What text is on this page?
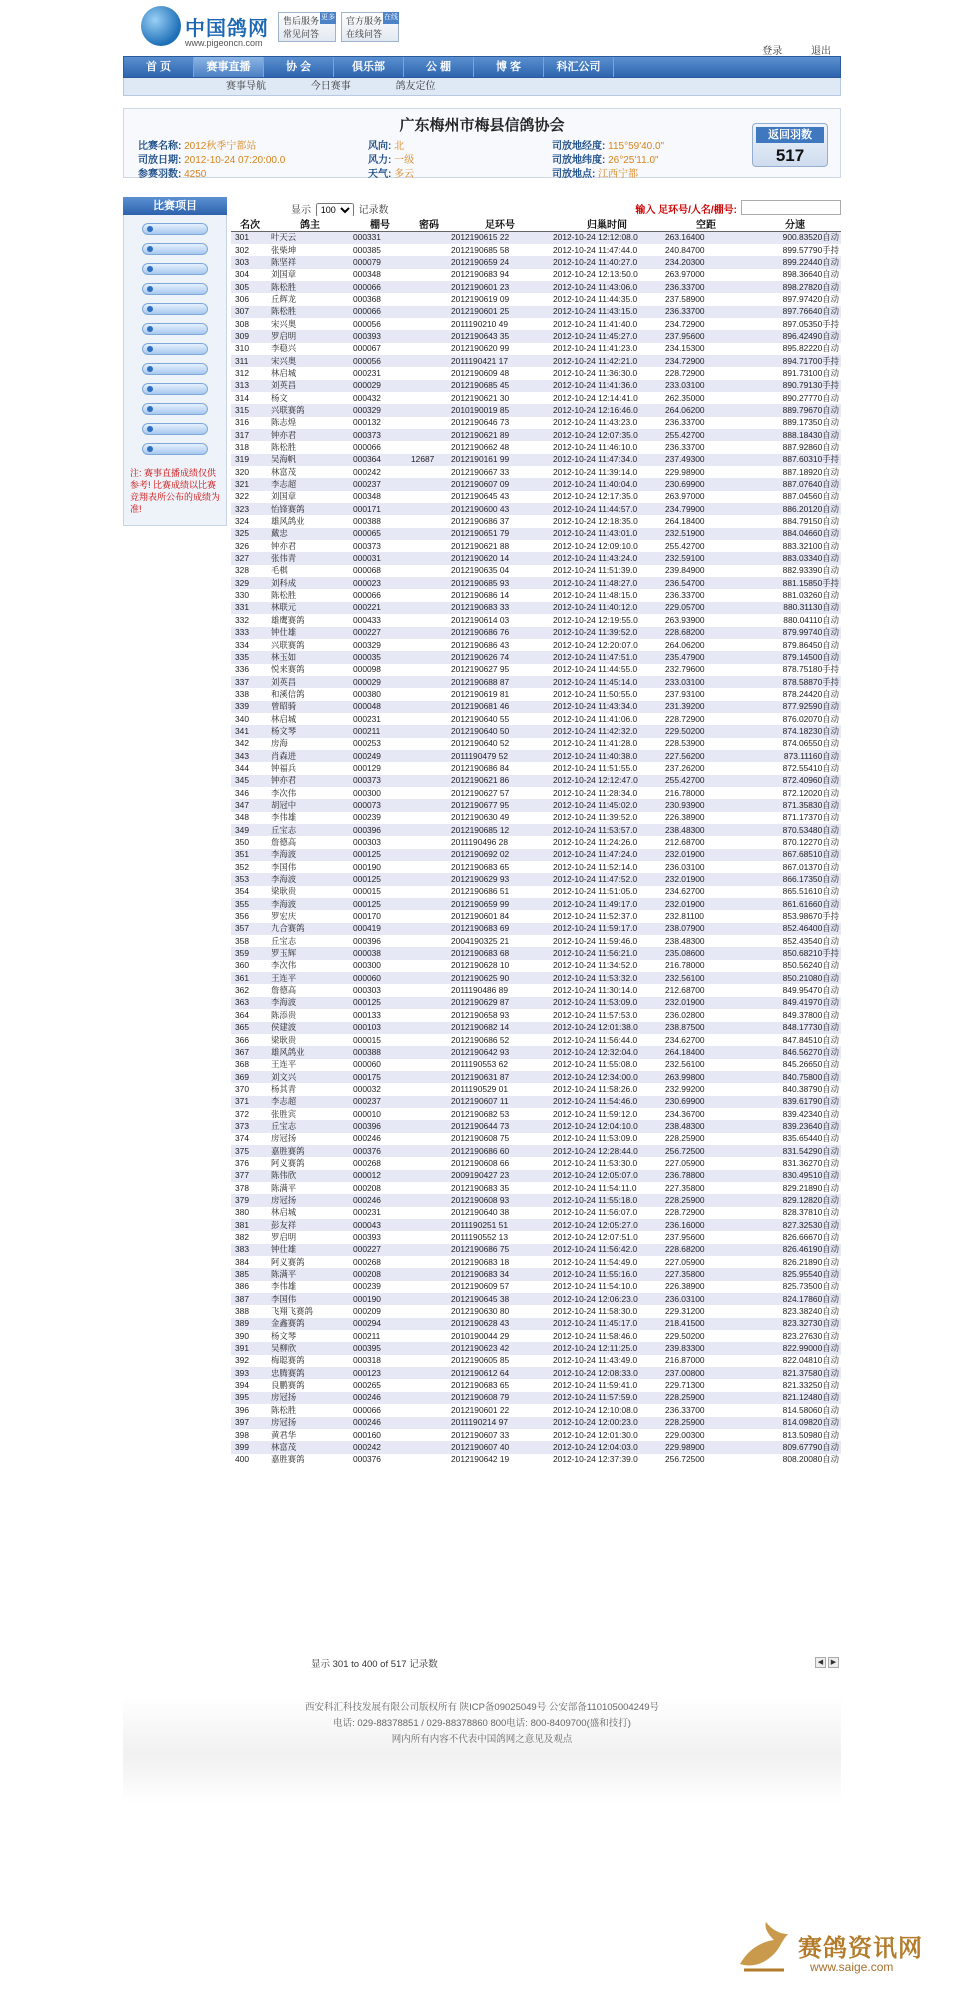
中国鸽网
www.pigeoncn.com
售后服务
常见问答
更多 官方服务
在线问答
在线
登录	退出
首 页	赛事直播	协 会	俱乐部	公 棚	博 客	科汇公司
赛事导航	今日赛事	鸽友定位
广东梅州市梅县信鸽协会
比赛名称: 2012秋季宁都站
司放日期: 2012-10-24 07:20:00.0
参赛羽数: 4250
风向: 北
风力: 一级
天气: 多云
司放地经度: 115°59'40.0"
司放地纬度: 26°25'11.0"
司放地点: 江西宁都
返回羽数
517
比赛项目
注: 赛事直播成绩仅供参考! 比赛成绩以比赛竞翔表所公布的成绩为准!
显示
100	记录数	输入 足环号/人名/棚号:
名次	鸽主	棚号	密码	足环号	归巢时间	空距	分速
301	叶天云	000331		2012190615 22	2012-10-24 12:12:08.0	263.16400	900.83520自动
302	张柴坤	000385		2012190685 58	2012-10-24 11:47:44.0	240.84700	899.57790手持
303	陈坚祥	000079		2012190659 24	2012-10-24 11:40:27.0	234.20300	899.22440自动
304	刘国章	000348		2012190683 94	2012-10-24 12:13:50.0	263.97000	898.36640自动
305	陈松胜	000066		2012190601 23	2012-10-24 11:43:06.0	236.33700	898.27820自动
306	丘辉龙	000368		2012190619 09	2012-10-24 11:44:35.0	237.58900	897.97420自动
307	陈松胜	000066		2012190601 25	2012-10-24 11:43:15.0	236.33700	897.76640自动
308	宋兴奥	000056		2011190210 49	2012-10-24 11:41:40.0	234.72900	897.05350手持
309	罗启明	000393		2012190643 35	2012-10-24 11:45:27.0	237.95600	896.42490自动
310	李稳兴	000067		2012190620 99	2012-10-24 11:41:23.0	234.15300	895.82220自动
311	宋兴奥	000056		2011190421 17	2012-10-24 11:42:21.0	234.72900	894.71700手持
312	林启城	000231		2012190609 48	2012-10-24 11:36:30.0	228.72900	891.73100自动
313	刘英昌	000029		2012190685 45	2012-10-24 11:41:36.0	233.03100	890.79130手持
314	杨文	000432		2012190621 30	2012-10-24 12:14:41.0	262.35000	890.27770自动
315	兴联赛鸽	000329		2010190019 85	2012-10-24 12:16:46.0	264.06200	889.79670自动
316	陈志煌	000132		2012190646 73	2012-10-24 11:43:23.0	236.33700	889.17350自动
317	钟亦君	000373		2012190621 89	2012-10-24 12:07:35.0	255.42700	888.18430自动
318	陈松胜	000066		2012190662 48	2012-10-24 11:46:10.0	236.33700	887.92860自动
319	吴海帆	000364	12687	2012190161 99	2012-10-24 11:47:34.0	237.49300	887.60310手持
320	林富茂	000242		2012190667 33	2012-10-24 11:39:14.0	229.98900	887.18920自动
321	李志超	000237		2012190607 09	2012-10-24 11:40:04.0	230.69900	887.07640自动
322	刘国章	000348		2012190645 43	2012-10-24 12:17:35.0	263.97000	887.04560自动
323	怡锋赛鸽	000171		2012190600 43	2012-10-24 11:44:57.0	234.79900	886.20120自动
324	雄风鸽业	000388		2012190686 37	2012-10-24 12:18:35.0	264.18400	884.79150自动
325	戴忠	000065		2012190651 79	2012-10-24 11:43:01.0	232.51900	884.04660自动
326	钟亦君	000373		2012190621 88	2012-10-24 12:09:10.0	255.42700	883.32100自动
327	张伟青	000031		2012190620 14	2012-10-24 11:43:24.0	232.59100	883.03340自动
328	毛棋	000068		2012190635 04	2012-10-24 11:51:39.0	239.84900	882.93390自动
329	刘科成	000023		2012190685 93	2012-10-24 11:48:27.0	236.54700	881.15850手持
330	陈松胜	000066		2012190686 14	2012-10-24 11:48:15.0	236.33700	881.03260自动
331	林联元	000221		2012190683 33	2012-10-24 11:40:12.0	229.05700	880.31130自动
332	雄鹰赛鸽	000433		2012190614 03	2012-10-24 12:19:55.0	263.93900	880.04110自动
333	钟仕雄	000227		2012190686 76	2012-10-24 11:39:52.0	228.68200	879.99740自动
334	兴联赛鸽	000329		2012190686 43	2012-10-24 12:20:07.0	264.06200	879.86450自动
335	林玉如	000035		2012190626 74	2012-10-24 11:47:51.0	235.47900	879.14500自动
336	悦来赛鸽	000098		2012190627 95	2012-10-24 11:44:55.0	232.79600	878.75180手持
337	刘英昌	000029		2012190688 87	2012-10-24 11:45:14.0	233.03100	878.58870手持
338	和溪信鸽	000380		2012190619 81	2012-10-24 11:50:55.0	237.93100	878.24420自动
339	曾昭骑	000048		2012190681 46	2012-10-24 11:43:34.0	231.39200	877.92590自动
340	林启城	000231		2012190640 55	2012-10-24 11:41:06.0	228.72900	876.02070自动
341	杨文琴	000211		2012190640 50	2012-10-24 11:42:32.0	229.50200	874.18230自动
342	房海	000253		2012190640 52	2012-10-24 11:41:28.0	228.53900	874.06550自动
343	肖森进	000249		2011190479 52	2012-10-24 11:40:38.0	227.56200	873.11160自动
344	钟福兵	000129		2012190686 84	2012-10-24 11:51:55.0	237.26200	872.55410自动
345	钟亦君	000373		2012190621 86	2012-10-24 12:12:47.0	255.42700	872.40960自动
346	李次伟	000300		2012190627 57	2012-10-24 11:28:34.0	216.78000	872.12020自动
347	胡冠中	000073		2012190677 95	2012-10-24 11:45:02.0	230.93900	871.35830自动
348	李伟雄	000239		2012190630 49	2012-10-24 11:39:52.0	226.38900	871.17370自动
349	丘宝志	000396		2012190685 12	2012-10-24 11:53:57.0	238.48300	870.53480自动
350	詹德高	000303		2011190496 28	2012-10-24 11:24:26.0	212.68700	870.12270自动
351	李海波	000125		2012190692 02	2012-10-24 11:47:24.0	232.01900	867.68510自动
352	李国伟	000190		2012190683 65	2012-10-24 11:52:14.0	236.03100	867.01370自动
353	李海波	000125		2012190629 93	2012-10-24 11:47:52.0	232.01900	866.17350自动
354	梁耿贵	000015		2012190686 51	2012-10-24 11:51:05.0	234.62700	865.51610自动
355	李海波	000125		2012190659 99	2012-10-24 11:49:17.0	232.01900	861.61660自动
356	罗宏庆	000170		2012190601 84	2012-10-24 11:52:37.0	232.81100	853.98670手持
357	九合赛鸽	000419		2012190683 69	2012-10-24 11:59:17.0	238.07900	852.46400自动
358	丘宝志	000396		2004190325 21	2012-10-24 11:59:46.0	238.48300	852.43540自动
359	罗玉辉	000038		2012190683 68	2012-10-24 11:56:21.0	235.08600	850.68210手持
360	李次伟	000300		2012190628 10	2012-10-24 11:34:52.0	216.78000	850.56240自动
361	王连平	000060		2012190625 90	2012-10-24 11:53:32.0	232.56100	850.21080自动
362	詹德高	000303		2011190486 89	2012-10-24 11:30:14.0	212.68700	849.95470自动
363	李海波	000125		2012190629 87	2012-10-24 11:53:09.0	232.01900	849.41970自动
364	陈添贵	000133		2012190658 93	2012-10-24 11:57:53.0	236.02800	849.37800自动
365	侯建波	000103		2012190682 14	2012-10-24 12:01:38.0	238.87500	848.17730自动
366	梁耿贵	000015		2012190686 52	2012-10-24 11:56:44.0	234.62700	847.84510自动
367	雄风鸽业	000388		2012190642 93	2012-10-24 12:32:04.0	264.18400	846.56270自动
368	王连平	000060		2011190553 62	2012-10-24 11:55:08.0	232.56100	845.26650自动
369	刘文兴	000175		2012190631 87	2012-10-24 12:34:00.0	263.99800	840.75800自动
370	杨其青	000032		2011190529 01	2012-10-24 11:58:26.0	232.99200	840.38790自动
371	李志超	000237		2012190607 11	2012-10-24 11:54:46.0	230.69900	839.61790自动
372	张胜宾	000010		2012190682 53	2012-10-24 11:59:12.0	234.36700	839.42340自动
373	丘宝志	000396		2012190644 73	2012-10-24 12:04:10.0	238.48300	839.23640自动
374	房冠扬	000246		2012190608 75	2012-10-24 11:53:09.0	228.25900	835.65440自动
375	嘉胜赛鸽	000376		2012190686 60	2012-10-24 12:28:44.0	256.72500	831.54290自动
376	阿义赛鸽	000268		2012190608 66	2012-10-24 11:53:30.0	227.05900	831.36270自动
377	陈伟欣	000012		2009190427 23	2012-10-24 12:05:07.0	236.78800	830.49510自动
378	陈满平	000208		2012190683 35	2012-10-24 11:54:11.0	227.35800	829.21890自动
379	房冠扬	000246		2012190608 93	2012-10-24 11:55:18.0	228.25900	829.12820自动
380	林启城	000231		2012190640 38	2012-10-24 11:56:07.0	228.72900	828.37810自动
381	彭友祥	000043		2011190251 51	2012-10-24 12:05:27.0	236.16000	827.32530自动
382	罗启明	000393		2011190552 13	2012-10-24 12:07:51.0	237.95600	826.66670自动
383	钟仕雄	000227		2012190686 75	2012-10-24 11:56:42.0	228.68200	826.46190自动
384	阿义赛鸽	000268		2012190683 18	2012-10-24 11:54:49.0	227.05900	826.21890自动
385	陈满平	000208		2012190683 34	2012-10-24 11:55:16.0	227.35800	825.95540自动
386	李伟雄	000239		2012190609 57	2012-10-24 11:54:10.0	226.38900	825.73500自动
387	李国伟	000190		2012190645 38	2012-10-24 12:06:23.0	236.03100	824.17860自动
388	飞翔飞赛鸽	000209		2012190630 80	2012-10-24 11:58:30.0	229.31200	823.38240自动
389	金鑫赛鸽	000294		2012190628 43	2012-10-24 11:45:17.0	218.41500	823.32730自动
390	杨文琴	000211		2010190044 29	2012-10-24 11:58:46.0	229.50200	823.27630自动
391	吴柳欣	000395		2012190623 42	2012-10-24 12:11:25.0	239.83300	822.99000自动
392	梅聪赛鸽	000318		2012190605 85	2012-10-24 11:43:49.0	216.87000	822.04810自动
393	忠腾赛鸽	000123		2012190612 64	2012-10-24 12:08:33.0	237.00800	821.37580自动
394	良鹏赛鸽	000265		2012190683 65	2012-10-24 11:59:41.0	229.71300	821.33250自动
395	房冠扬	000246		2012190608 79	2012-10-24 11:57:59.0	228.25900	821.12480自动
396	陈松胜	000066		2012190601 22	2012-10-24 12:10:08.0	236.33700	814.58060自动
397	房冠扬	000246		2011190214 97	2012-10-24 12:00:23.0	228.25900	814.09820自动
398	黄君华	000160		2012190607 33	2012-10-24 12:01:30.0	229.00300	813.50980自动
399	林富茂	000242		2012190607 40	2012-10-24 12:04:03.0	229.98900	809.67790自动
400	嘉胜赛鸽	000376		2012190642 19	2012-10-24 12:37:39.0	256.72500	808.20080自动
显示 301 to 400 of 517 记录数	◀ ▶
西安科汇科技发展有限公司版权所有 陕ICP备09025049号 公安部备110105004249号
电话: 029-88378851 / 029-88378860 800电话: 800-8409700(盛和技打)
网内所有内容不代表中国鸽网之意见及观点
赛鸽资讯网
www.saige.com
